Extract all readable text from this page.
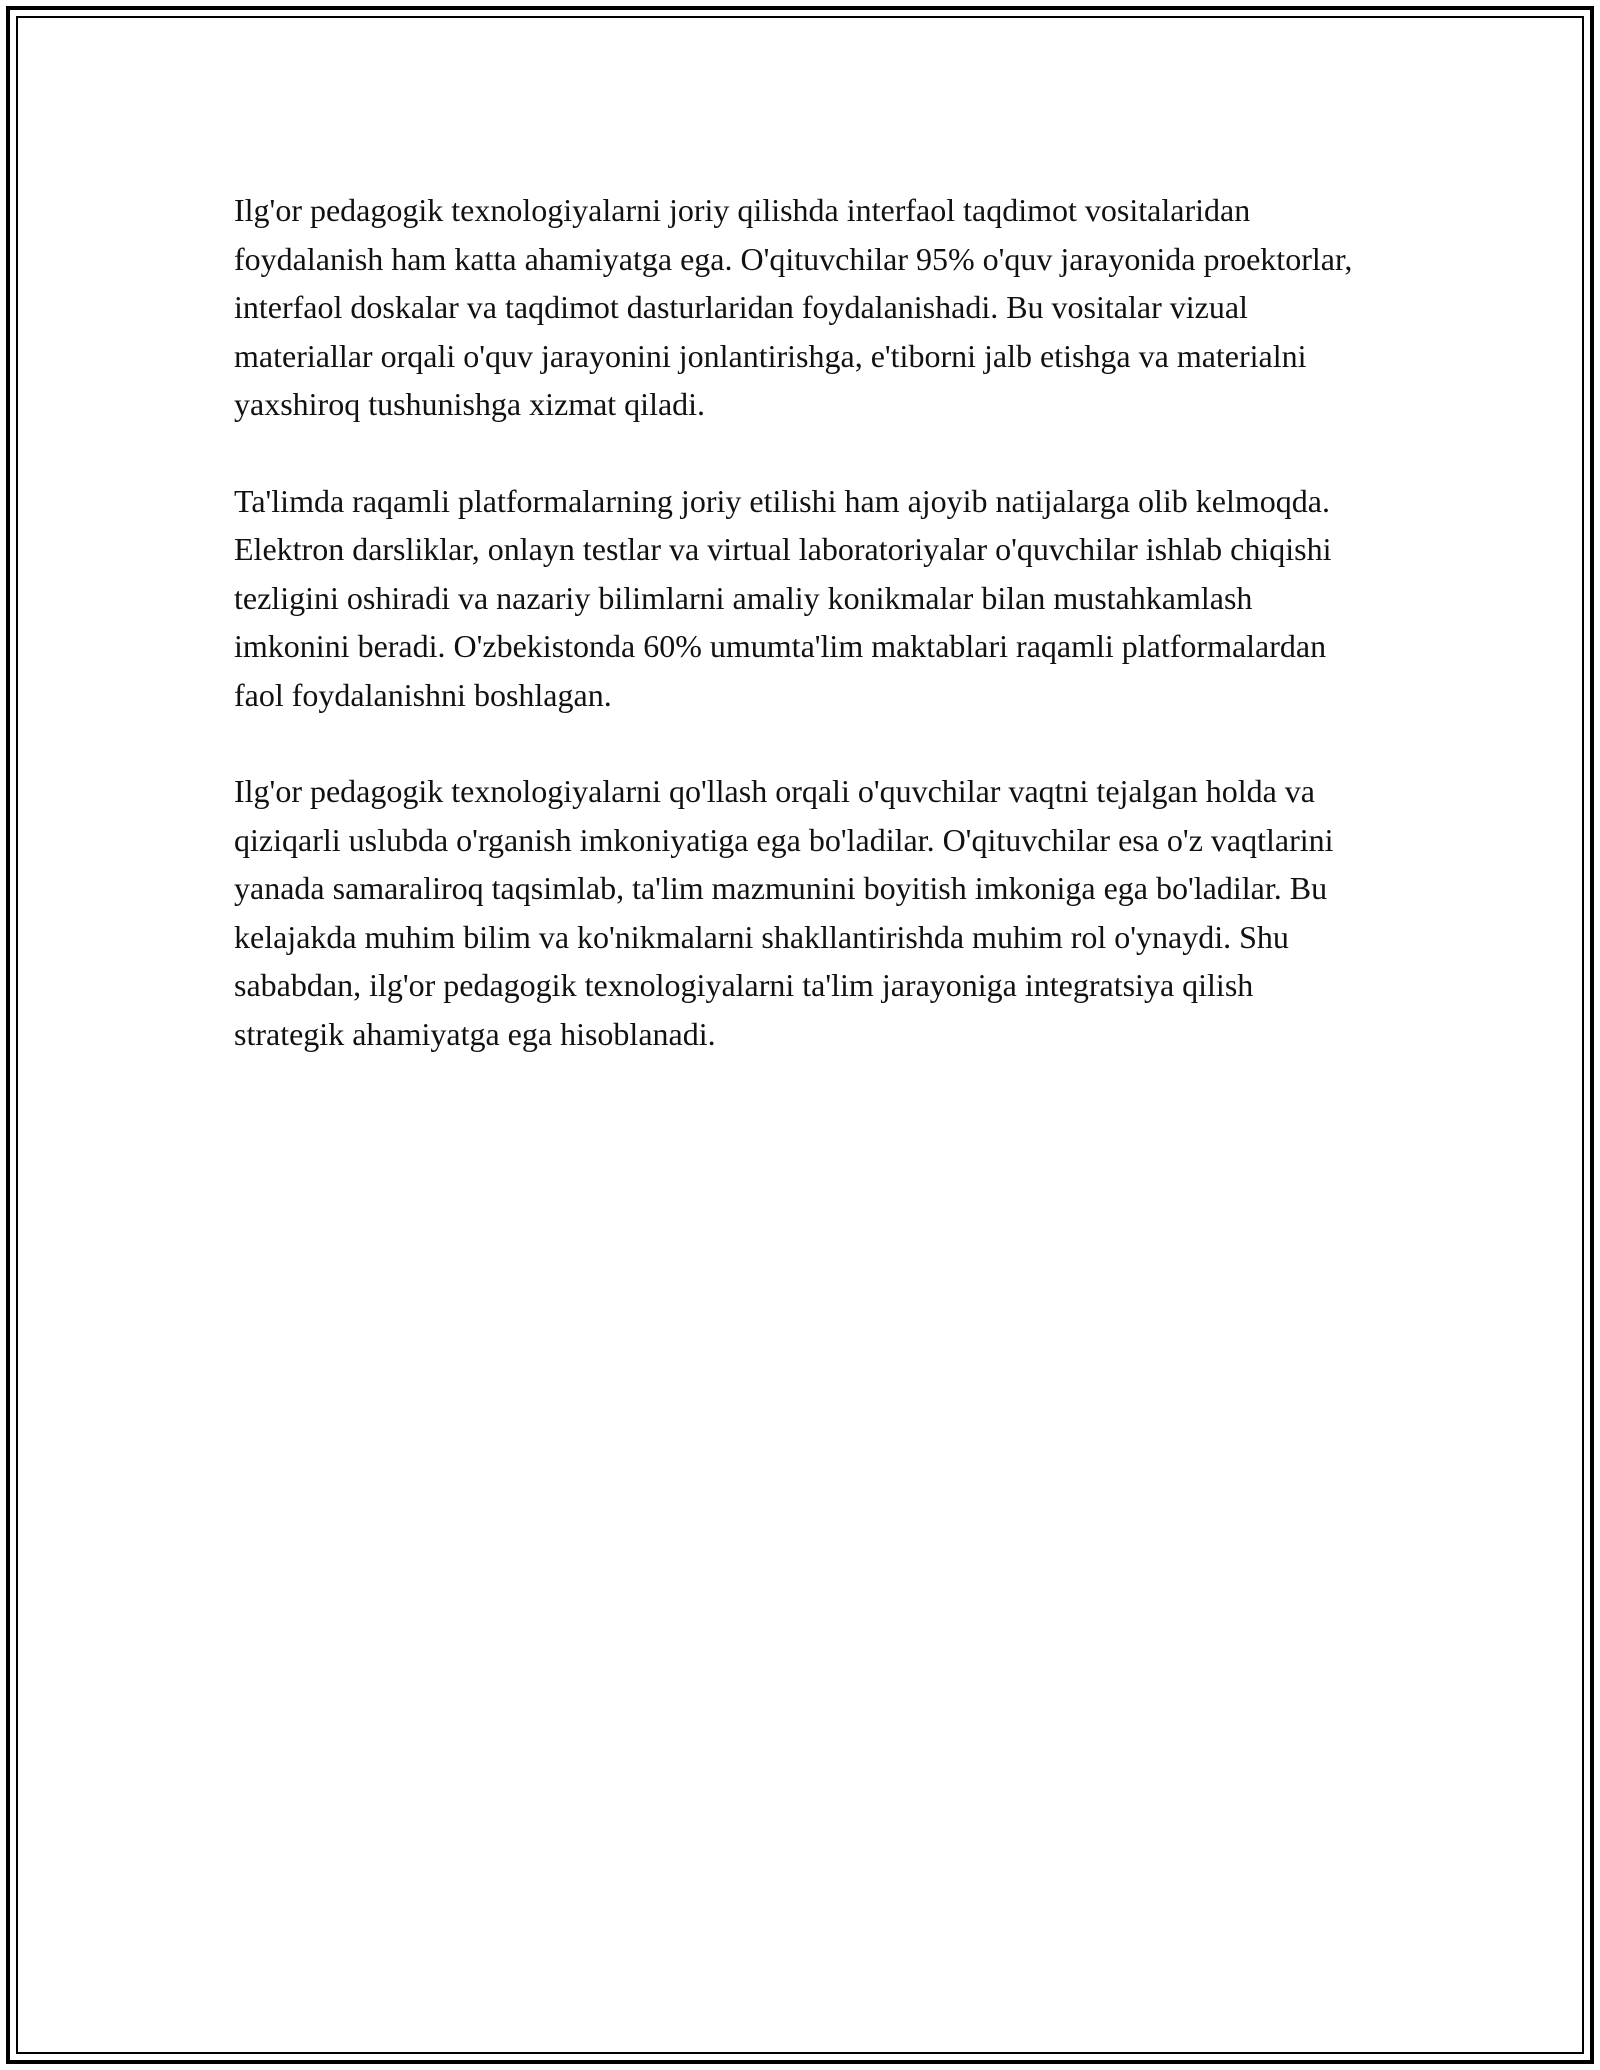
Ilg'or pedagogik texnologiyalarni joriy qilishda interfaol taqdimot vositalaridan foydalanish ham katta ahamiyatga ega. O'qituvchilar 95% o'quv jarayonida proektorlar, interfaol doskalar va taqdimot dasturlaridan foydalanishadi. Bu vositalar vizual materiallar orqali o'quv jarayonini jonlantirishga, e'tiborni jalb etishga va materialni yaxshiroq tushunishga xizmat qiladi.

Ta'limda raqamli platformalarning joriy etilishi ham ajoyib natijalarga olib kelmoqda. Elektron darsliklar, onlayn testlar va virtual laboratoriyalar o'quvchilar ishlab chiqishi tezligini oshiradi va nazariy bilimlarni amaliy konikmalar bilan mustahkamlash imkonini beradi. O'zbekistonda 60% umumta'lim maktablari raqamli platformalardan faol foydalanishni boshlagan.

Ilg'or pedagogik texnologiyalarni qo'llash orqali o'quvchilar vaqtni tejalgan holda va qiziqarli uslubda o'rganish imkoniyatiga ega bo'ladilar. O'qituvchilar esa o'z vaqtlarini yanada samaraliroq taqsimlab, ta'lim mazmunini boyitish imkoniga ega bo'ladilar. Bu kelajakda muhim bilim va ko'nikmalarni shakllantirishda muhim rol o'ynaydi. Shu sababdan, ilg'or pedagogik texnologiyalarni ta'lim jarayoniga integratsiya qilish strategik ahamiyatga ega hisoblanadi.
